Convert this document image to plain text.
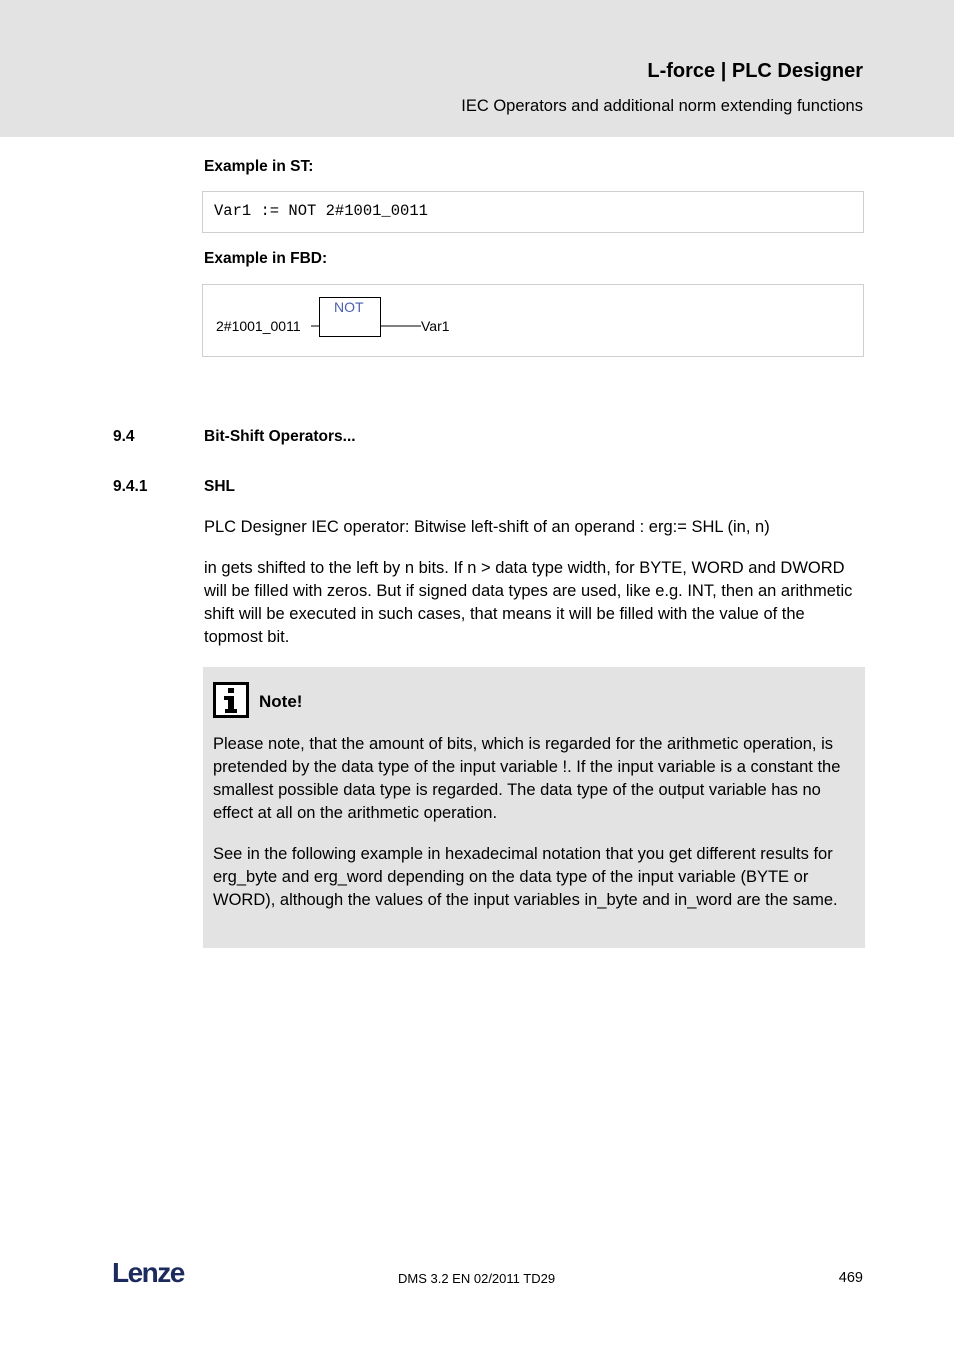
L-force | PLC Designer
IEC Operators and additional norm extending functions
Example in ST:
Var1 := NOT 2#1001_0011
Example in FBD:
2#1001_0011
NOT
Var1
9.4	Bit-Shift Operators...
9.4.1	SHL

PLC Designer IEC operator: Bitwise left-shift of an operand : erg:= SHL (in, n)

in gets shifted to the left by n bits. If n > data type width, for BYTE, WORD and DWORD will be filled with zeros. But if signed data types are used, like e.g. INT, then an arithmetic shift will be executed in such cases, that means it will be filled with the value of the topmost bit.

Note!

Please note, that the amount of bits, which is regarded for the arithmetic operation, is pretended by the data type of the input variable !. If the input variable is a constant the smallest possible data type is regarded. The data type of the output variable has no effect at all on the arithmetic operation.

See in the following example in hexadecimal notation that you get different results for erg_byte and erg_word depending on the data type of the input variable (BYTE or WORD), although the values of the input variables in_byte and in_word are the same.

Lenze	DMS 3.2 EN 02/2011 TD29	469
